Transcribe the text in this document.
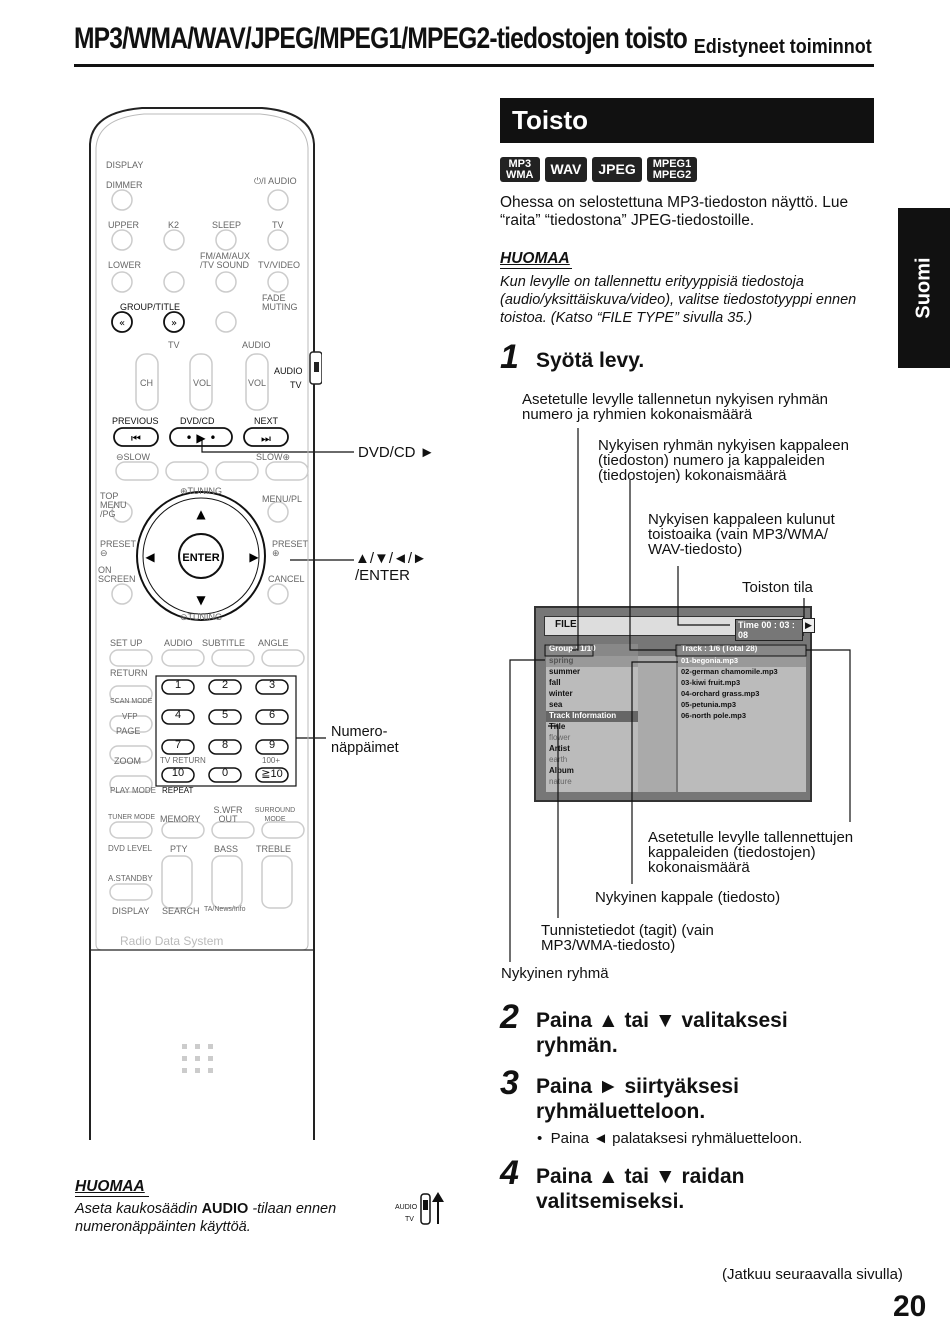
MP3/WMA/WAV/JPEG/MPEG1/MPEG2-tiedostojen toisto Edistyneet toiminnot
Suomi
Toisto
MP3
WMA WAV JPEG MPEG1
MPEG2
Ohessa on selostettuna MP3-tiedoston näyttö. Lue “raita” “tiedostona” JPEG-tiedostoille.
HUOMAA
Kun levylle on tallennettu erityyppisiä tiedostoja (audio/yksittäiskuva/video), valitse tiedostotyyppi ennen toistoa. (Katso “FILE TYPE” sivulla 35.)
1 Syötä levy.
Asetetulle levylle tallennetun nykyisen ryhmän numero ja ryhmien kokonaismäärä
Nykyisen ryhmän nykyisen kappaleen (tiedoston) numero ja kappaleiden (tiedostojen) kokonaismäärä
Nykyisen kappaleen kulunut toistoaika (vain MP3/WMA/ WAV-tiedosto)
Toiston tila
Asetetulle levylle tallennettujen kappaleiden (tiedostojen) kokonaismäärä
Nykyinen kappale (tiedosto)
Tunnistetiedot (tagit) (vain MP3/WMA-tiedosto)
Nykyinen ryhmä
FILE	Time 00 : 03 : 08
▶
Group : 1/10
spring
summer
fall
winter
sea
Track Information
Title
flower
Artist
earth
Album
nature
Track : 1/6 (Total 28)
01-begonia.mp3
02-german chamomile.mp3
03-kiwi fruit.mp3
04-orchard grass.mp3
05-petunia.mp3
06-north pole.mp3
2 Paina ▲ tai ▼ valitaksesi ryhmän.
3 Paina ► siirtyäksesi ryhmäluetteloon.
•  Paina ◄ palataksesi ryhmäluetteloon.
4 Paina ▲ tai ▼ raidan valitsemiseksi.
(Jatkuu seuraavalla sivulla)
20
DVD/CD ►
▲/▼/◄/► /ENTER
Numero- näppäimet
«	»
⏮	• ▶ •	⏭
ENTER
▲
▼
◀	▶
1	2	3
4	5	6
7	8	9
10	0	≧10
DISPLAY
DIMMER	⏻/I AUDIO
UPPER	K2	SLEEP	TV
LOWER
FM/AM/AUX /TV SOUND TV/VIDEO
GROUP/TITLE
FADE MUTING
TV	AUDIO
CH	VOL	VOL
AUDIO
TV
PREVIOUS DVD/CD	NEXT
⊖SLOW	SLOW⊕
TOP MENU /PG
⊕TUNING
MENU/PL
PRESET ⊖
PRESET ⊕
ON SCREEN	CANCEL
⊖TUNING
SET UP AUDIO SUBTITLE ANGLE
RETURN
SCAN MODE
VFP
PAGE
ZOOM TV RETURN	100+
PLAY MODE REPEAT
TUNER MODE MEMORY
S.WFR OUT
SURROUND MODE
DVD LEVEL PTY	BASS TREBLE
A.STANDBY
DISPLAY SEARCH TA/News/Info
Radio Data System
HUOMAA
Aseta kaukosäädin AUDIO -tilaan ennen numeronäppäinten käyttöä.
AUDIO
TV
